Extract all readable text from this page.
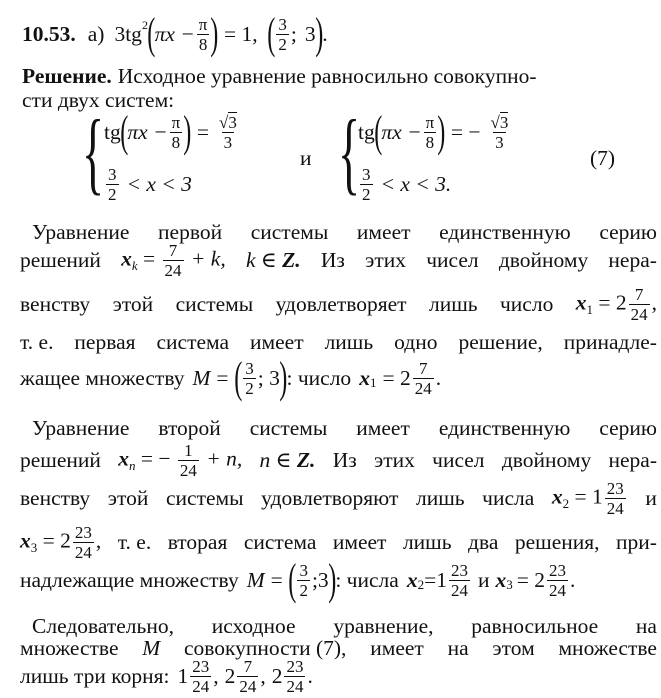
10.53. а) 3tg 2 ( $\pi x - \frac{\pi}{8}$ ) = 1, ( $\frac{3}{2}$ ; 3 ) .
Решение. Исходное уравнение равносильно совокупно-
сти двух систем:
{ tg ( $\pi x - \frac{\pi}{8}$ ) = $\frac{√3}{3}$
$\frac{3}{2} < x < 3$
и {
tg ( $\pi x - \frac{\pi}{8}$ ) = − $\frac{√3}{3}$
$\frac{3}{2} < x < 3$.
(7)
Уравнение первой системы имеет единственную серию
решений $x_k = \frac{7}{24} + k$, k ∈ Z. Из этих чисел двойному нера-
венству этой системы удовлетворяет лишь число $x_1 = 2 \frac{7}{24}$ ,
т. е. первая система имеет лишь одно решение, принадле-
жащее множеству M = ( $\frac{3}{2}$ ; 3 ) : число x $1 = 2 \frac{7}{24}$ .
Уравнение второй системы имеет единственную серию
решений $x_n$ = − $\frac{1}{24} + n$, n ∈ Z. Из этих чисел двойному нера-
венству этой системы удовлетворяют лишь числа $x_2 = 1 \frac{23}{24}$ и
$x_3 = 2 \frac{23}{24}$ , т. е. вторая система имеет лишь два решения, при-
надлежащие множеству M = ( $\frac{3}{2}$ ;3 ) : числа x $2 =1 \frac{23}{24}$ и x $3 = 2 \frac{23}{24}$ .
Следовательно, исходное уравнение, равносильное на
множестве M совокупности (7), имеет на этом множестве
лишь три корня: $1 \frac{23}{24}$ , $2 \frac{7}{24}$ , $2 \frac{23}{24}$ .
